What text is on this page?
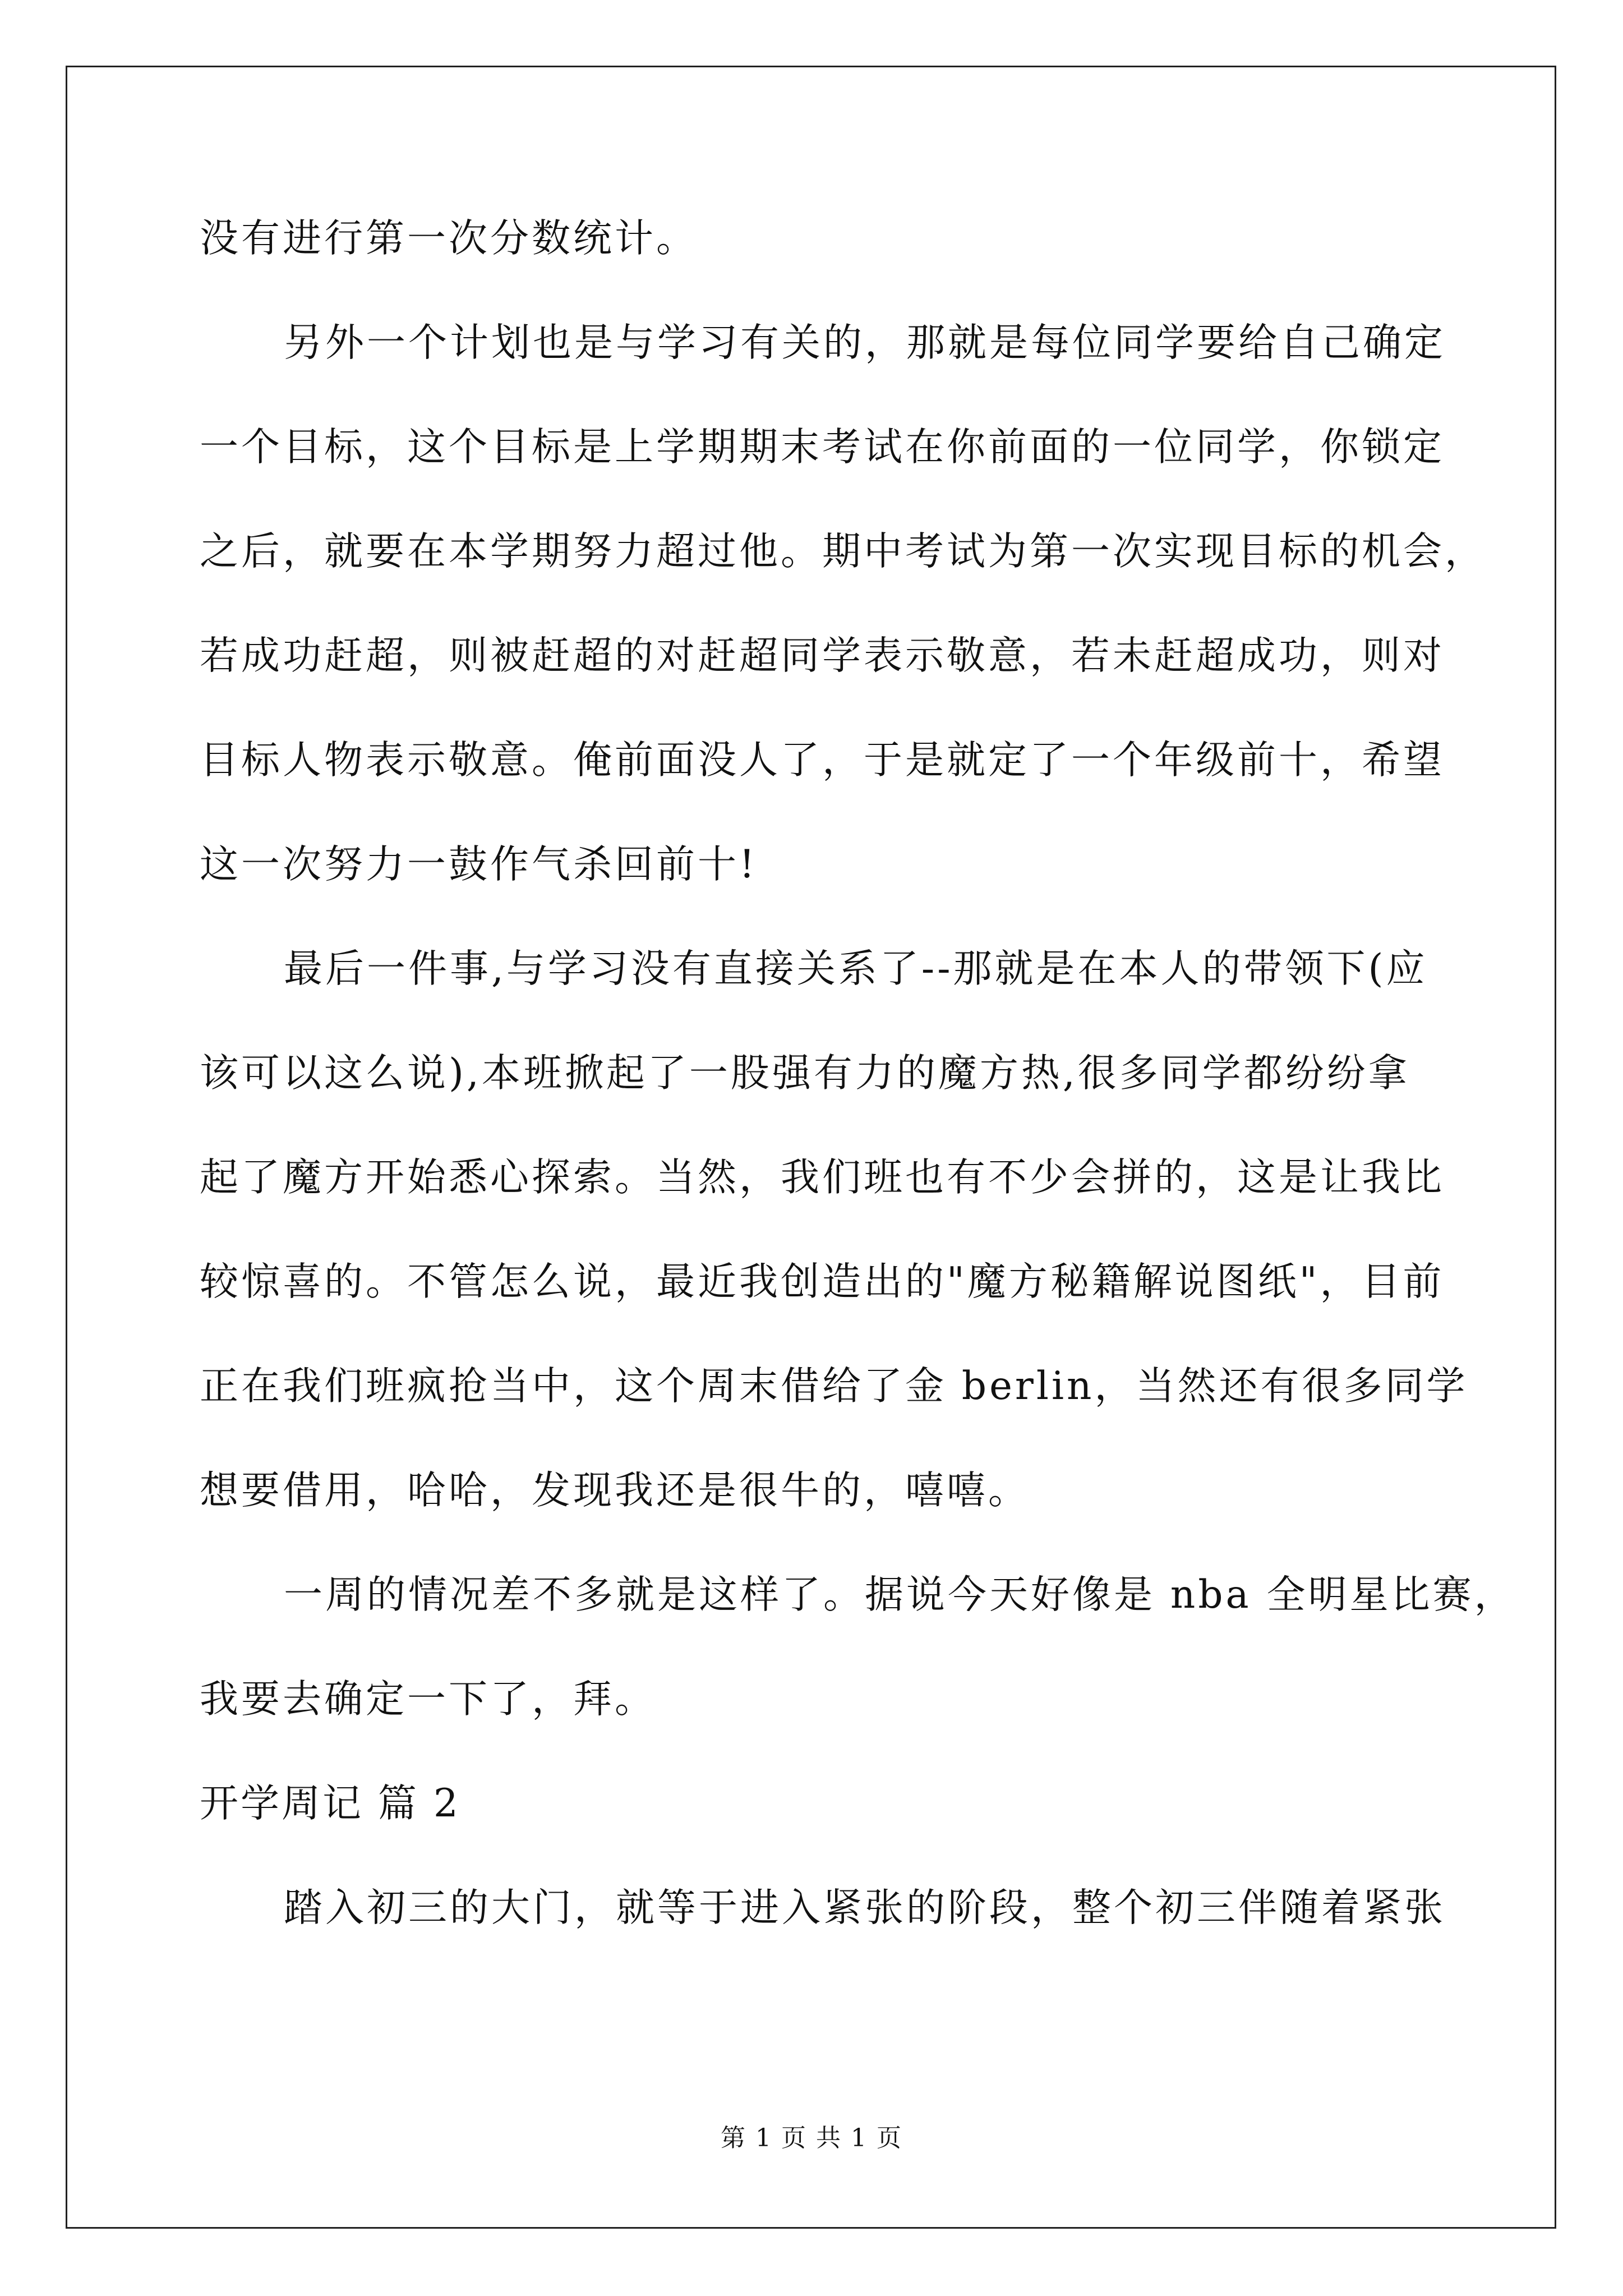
没有进行第一次分数统计。
另外一个计划也是与学习有关的，那就是每位同学要给自己确定
一个目标，这个目标是上学期期末考试在你前面的一位同学，你锁定
之后，就要在本学期努力超过他。期中考试为第一次实现目标的机会，
若成功赶超，则被赶超的对赶超同学表示敬意，若未赶超成功，则对
目标人物表示敬意。俺前面没人了，于是就定了一个年级前十，希望
这一次努力一鼓作气杀回前十!
最后一件事,与学习没有直接关系了--那就是在本人的带领下(应
该可以这么说),本班掀起了一股强有力的魔方热,很多同学都纷纷拿
起了魔方开始悉心探索。当然，我们班也有不少会拼的，这是让我比
较惊喜的。不管怎么说，最近我创造出的"魔方秘籍解说图纸"，目前
正在我们班疯抢当中，这个周末借给了金 berlin，当然还有很多同学
想要借用，哈哈，发现我还是很牛的，嘻嘻。
一周的情况差不多就是这样了。据说今天好像是 nba 全明星比赛，
我要去确定一下了，拜。
开学周记 篇 2
踏入初三的大门，就等于进入紧张的阶段，整个初三伴随着紧张
第 1 页 共 1 页
